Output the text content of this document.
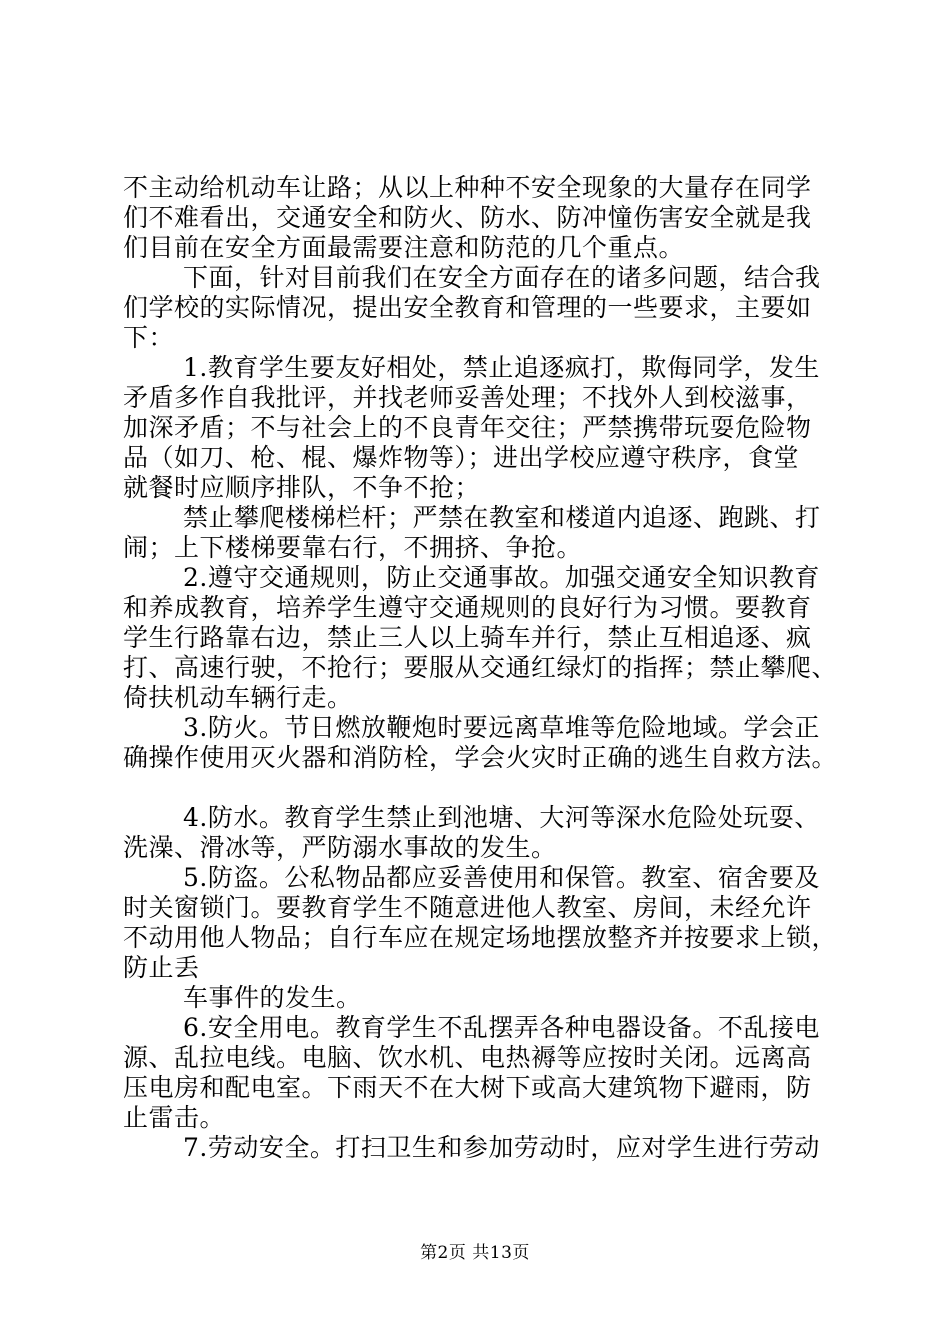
不主动给机动车让路；从以上种种不安全现象的大量存在同学
们不难看出，交通安全和防火、防水、防冲憧伤害安全就是我
们目前在安全方面最需要注意和防范的几个重点。
下面，针对目前我们在安全方面存在的诸多问题，结合我
们学校的实际情况，提出安全教育和管理的一些要求，主要如
下：
1.教育学生要友好相处，禁止追逐疯打，欺侮同学，发生
矛盾多作自我批评，并找老师妥善处理；不找外人到校滋事，
加深矛盾；不与社会上的不良青年交往；严禁携带玩耍危险物
品（如刀、枪、棍、爆炸物等）；进出学校应遵守秩序，食堂
就餐时应顺序排队，不争不抢；
禁止攀爬楼梯栏杆；严禁在教室和楼道内追逐、跑跳、打
闹；上下楼梯要靠右行，不拥挤、争抢。
2.遵守交通规则，防止交通事故。加强交通安全知识教育
和养成教育，培养学生遵守交通规则的良好行为习惯。要教育
学生行路靠右边，禁止三人以上骑车并行，禁止互相追逐、疯
打、高速行驶，不抢行；要服从交通红绿灯的指挥；禁止攀爬、
倚扶机动车辆行走。
3.防火。节日燃放鞭炮时要远离草堆等危险地域。学会正
确操作使用灭火器和消防栓，学会火灾时正确的逃生自救方法。
4.防水。教育学生禁止到池塘、大河等深水危险处玩耍、
洗澡、滑冰等，严防溺水事故的发生。
5.防盗。公私物品都应妥善使用和保管。教室、宿舍要及
时关窗锁门。要教育学生不随意进他人教室、房间，未经允许
不动用他人物品；自行车应在规定场地摆放整齐并按要求上锁，
防止丢
车事件的发生。
6.安全用电。教育学生不乱摆弄各种电器设备。不乱接电
源、乱拉电线。电脑、饮水机、电热褥等应按时关闭。远离高
压电房和配电室。下雨天不在大树下或高大建筑物下避雨，防
止雷击。
7.劳动安全。打扫卫生和参加劳动时，应对学生进行劳动
第2页 共13页
